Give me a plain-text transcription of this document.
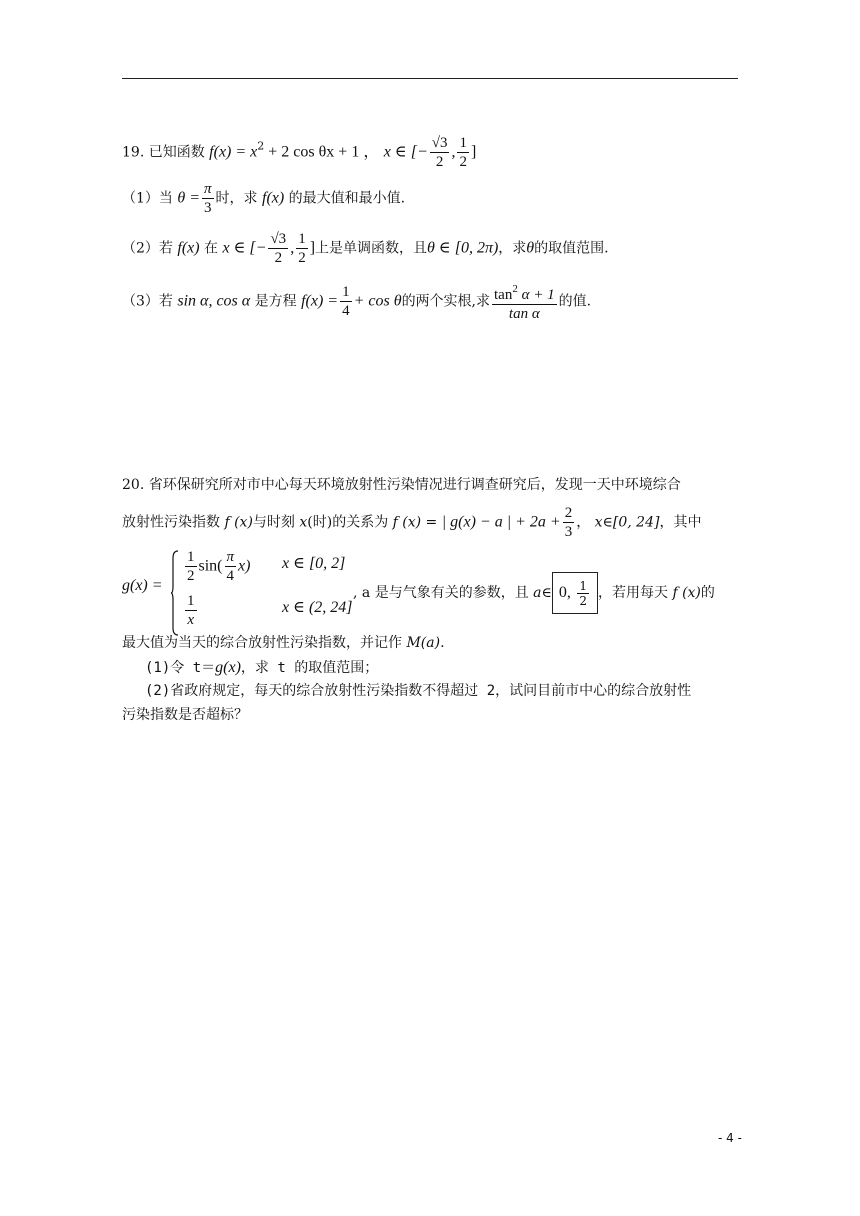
19. 已知函数 $f(x) = x^2 + 2$ cos θx + 1 ， x ∈ [− $\frac{√3}{2}$ , $\frac{1}{2}$ ]
（1）当 $\theta = \frac{\pi}{3}$ 时，求 f(x) 的最大值和最小值.
（2）若 f(x) 在 x ∈ [− $\frac{√3}{2}$ , $\frac{1}{2}$ ]上是单调函数，且θ ∈ [0, 2π)，求θ的取值范围.
（3）若 sin α, cos α 是方程 $f(x) = \frac{1}{4} + \cos \theta$的两个实根,求 $\frac{\tan^2 \alpha + 1}{\text{tan α}}$ 的值.
20. 省环保研究所对市中心每天环境放射性污染情况进行调查研究后，发现一天中环境综合
放射性污染指数 f (x)与时刻 x(时)的关系为 f (x) = | g(x) − a | + $2a + \frac{2}{3}$ ， x∈[0, 24]，其中
g(x) =
$\frac{1}{2} \sin( \frac{\pi}{4} x)$ x ∈ [0, 2]
$\frac{1}{x}$	x ∈ (2, 24]
, a 是与气象有关的参数，且 a∈ 0, $\frac{1}{2}$ ，若用每天 f (x)的
最大值为当天的综合放射性污染指数，并记作 M(a).
(1)令 t＝g(x)，求 t 的取值范围；
(2)省政府规定，每天的综合放射性污染指数不得超过 2，试问目前市中心的综合放射性
污染指数是否超标？
- 4 -
